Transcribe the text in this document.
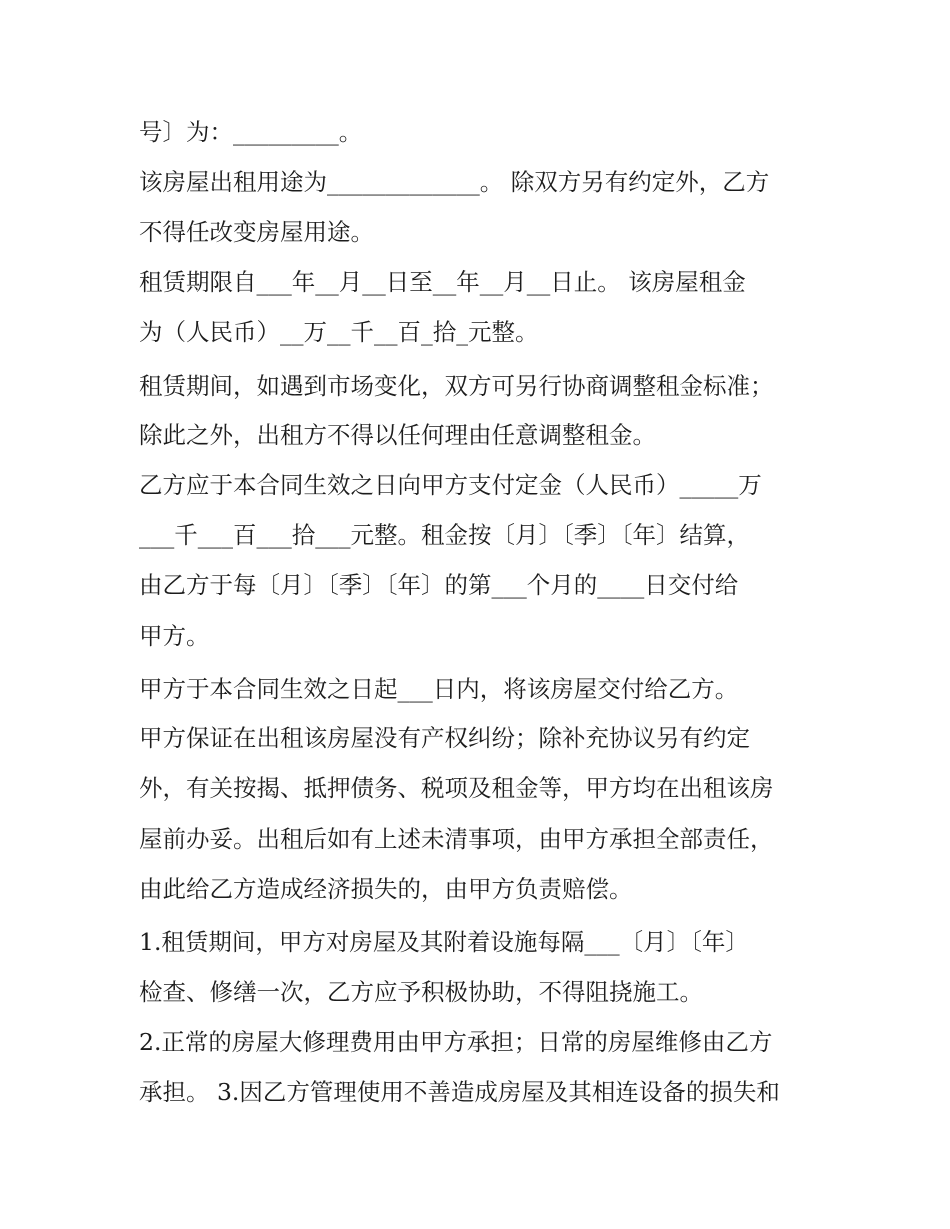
号〕为：_________。
该房屋出租用途为_____________。 除双方另有约定外，乙方
不得任改变房屋用途。
租赁期限自___年__月__日至__年__月__日止。 该房屋租金
为（人民币）__万__千__百_拾_元整。
租赁期间，如遇到市场变化，双方可另行协商调整租金标准；
除此之外，出租方不得以任何理由任意调整租金。
乙方应于本合同生效之日向甲方支付定金（人民币）_____万
___千___百___拾___元整。租金按〔月〕〔季〕〔年〕结算，
由乙方于每〔月〕〔季〕〔年〕的第___个月的____日交付给
甲方。
甲方于本合同生效之日起___日内，将该房屋交付给乙方。
甲方保证在出租该房屋没有产权纠纷；除补充协议另有约定
外，有关按揭、抵押债务、税项及租金等，甲方均在出租该房
屋前办妥。出租后如有上述未清事项，由甲方承担全部责任，
由此给乙方造成经济损失的，由甲方负责赔偿。
1.租赁期间，甲方对房屋及其附着设施每隔___〔月〕〔年〕
检查、修缮一次，乙方应予积极协助，不得阻挠施工。
2.正常的房屋大修理费用由甲方承担；日常的房屋维修由乙方
承担。 3.因乙方管理使用不善造成房屋及其相连设备的损失和
